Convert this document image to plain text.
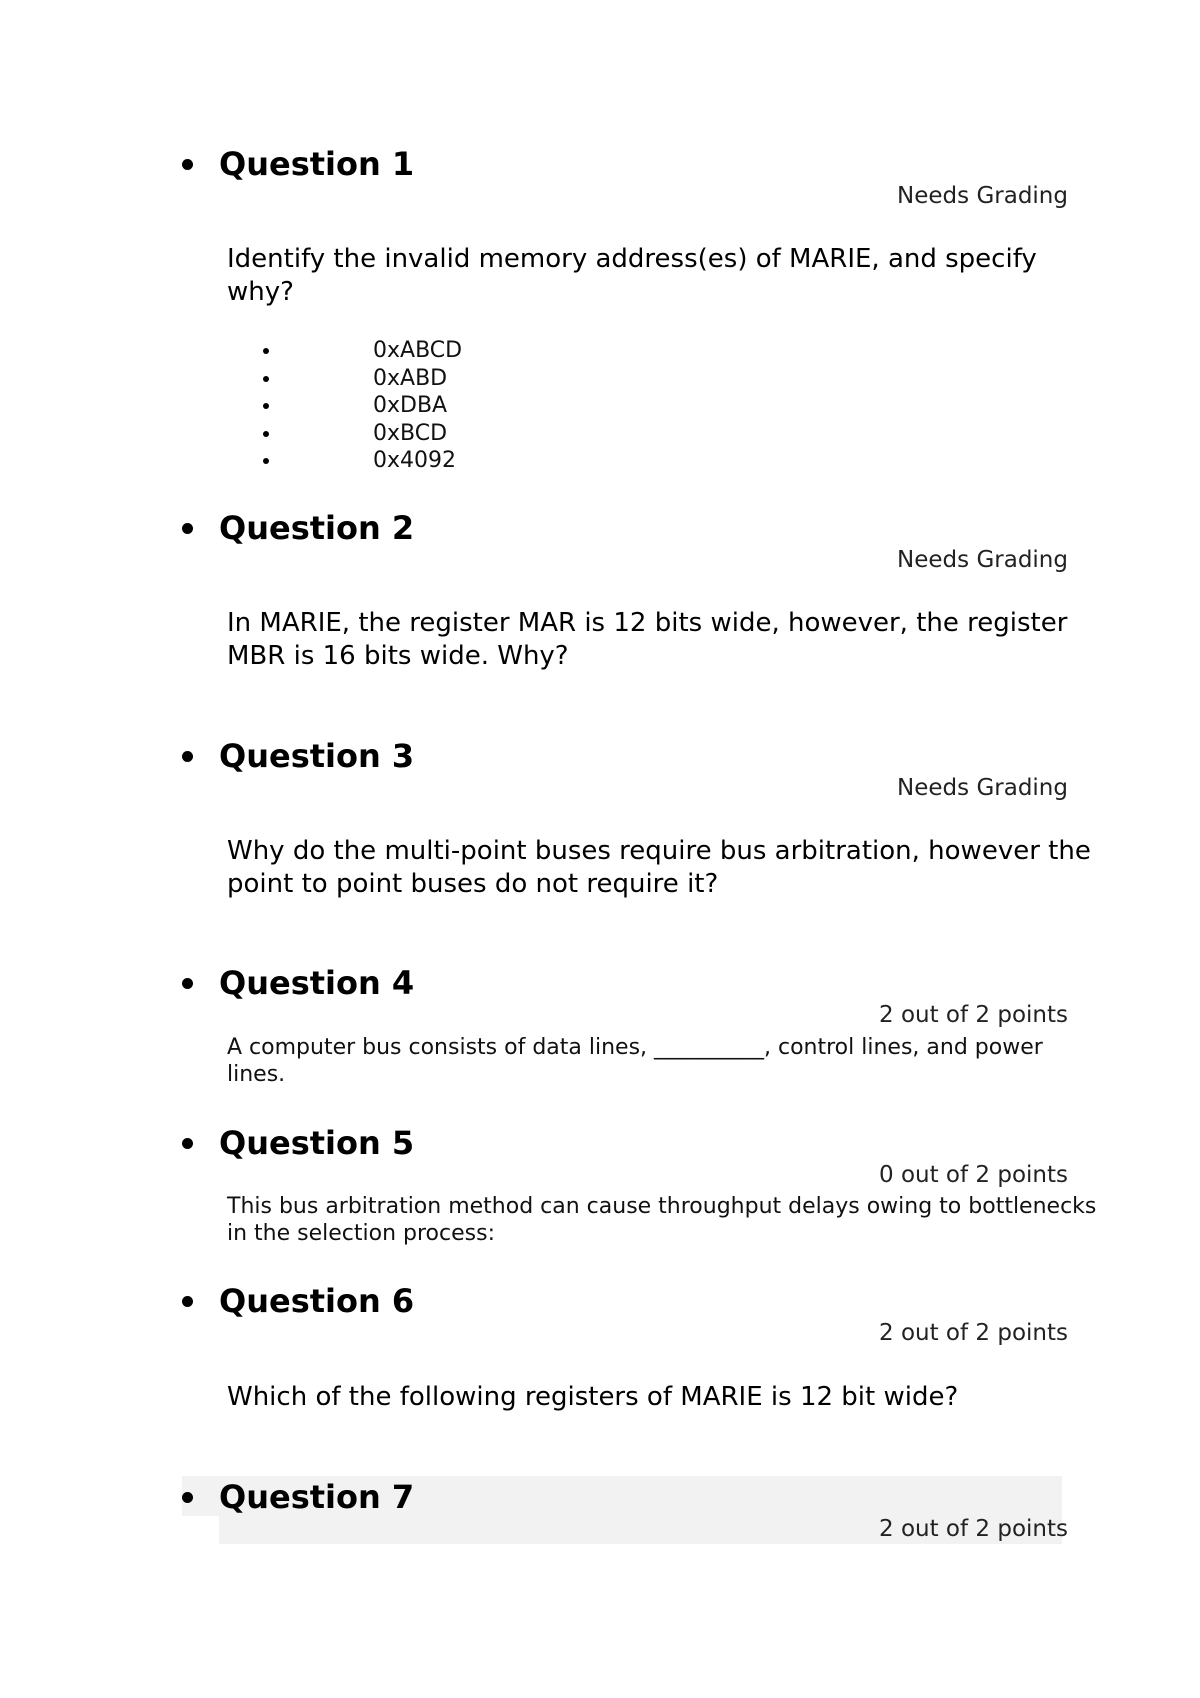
Question 1
Needs Grading
Identify the invalid memory address(es) of MARIE, and specify why?
0xABCD
0xABD
0xDBA
0xBCD
0x4092
Question 2
Needs Grading
In MARIE, the register MAR is 12 bits wide, however, the register MBR is 16 bits wide. Why?
Question 3
Needs Grading
Why do the multi-point buses require bus arbitration, however the point to point buses do not require it?
Question 4
2 out of 2 points
A computer bus consists of data lines, __________, control lines, and power lines.
Question 5
0 out of 2 points
This bus arbitration method can cause throughput delays owing to bottlenecks in the selection process:
Question 6
2 out of 2 points
Which of the following registers of MARIE is 12 bit wide?
Question 7
2 out of 2 points
